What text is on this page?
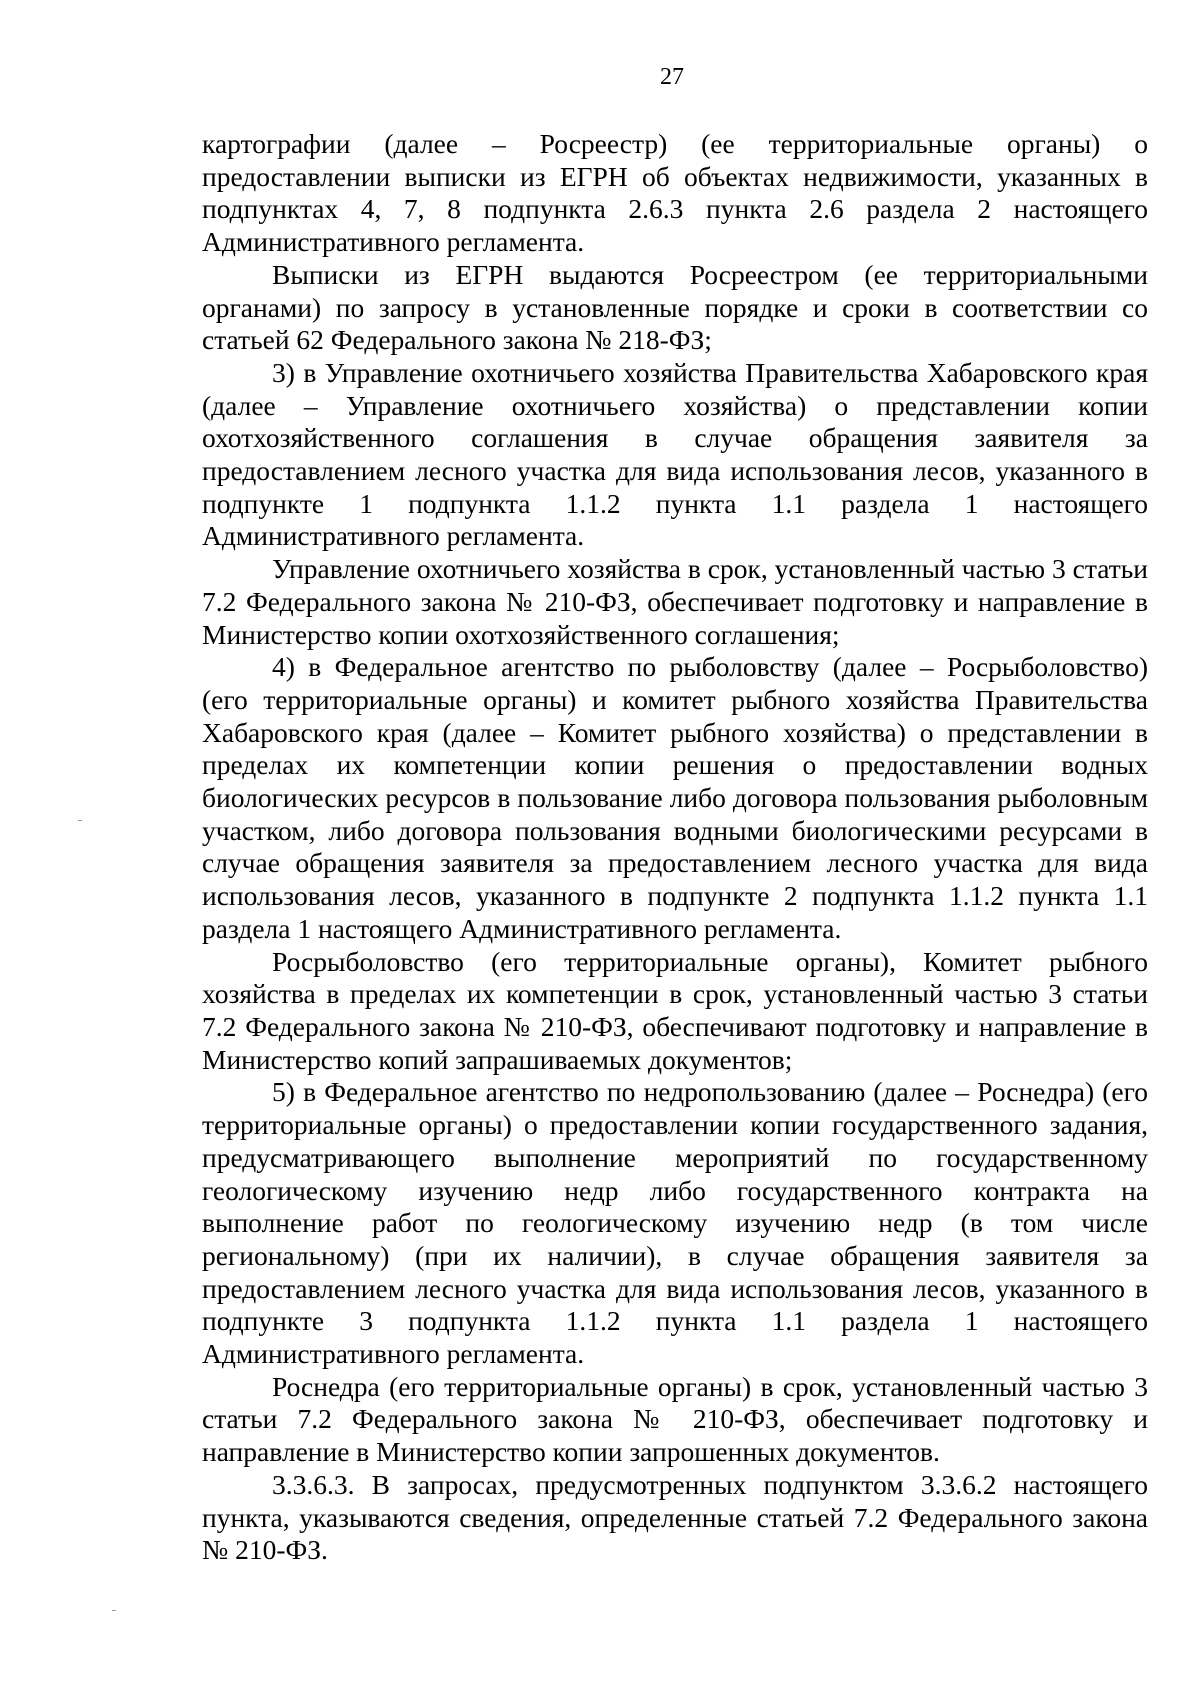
27

картографии (далее – Росреестр) (ее территориальные органы) о предоставлении выписки из ЕГРН об объектах недвижимости, указанных в подпунктах 4, 7, 8 подпункта 2.6.3 пункта 2.6 раздела 2 настоящего Административного регламента.

Выписки из ЕГРН выдаются Росреестром (ее территориальными органами) по запросу в установленные порядке и сроки в соответствии со статьей 62 Федерального закона № 218-ФЗ;

3) в Управление охотничьего хозяйства Правительства Хабаровского края (далее – Управление охотничьего хозяйства) о представлении копии охотхозяйственного соглашения в случае обращения заявителя за предоставлением лесного участка для вида использования лесов, указанного в подпункте 1 подпункта 1.1.2 пункта 1.1 раздела 1 настоящего Административного регламента.

Управление охотничьего хозяйства в срок, установленный частью 3 статьи 7.2 Федерального закона № 210-ФЗ, обеспечивает подготовку и направление в Министерство копии охотхозяйственного соглашения;

4) в Федеральное агентство по рыболовству (далее – Росрыболовство) (его территориальные органы) и комитет рыбного хозяйства Правительства Хабаровского края (далее – Комитет рыбного хозяйства) о представлении в пределах их компетенции копии решения о предоставлении водных биологических ресурсов в пользование либо договора пользования рыболовным участком, либо договора пользования водными биологическими ресурсами в случае обращения заявителя за предоставлением лесного участка для вида использования лесов, указанного в подпункте 2 подпункта 1.1.2 пункта 1.1 раздела 1 настоящего Административного регламента.

Росрыболовство (его территориальные органы), Комитет рыбного хозяйства в пределах их компетенции в срок, установленный частью 3 статьи 7.2 Федерального закона № 210-ФЗ, обеспечивают подготовку и направление в Министерство копий запрашиваемых документов;

5) в Федеральное агентство по недропользованию (далее – Роснедра) (его территориальные органы) о предоставлении копии государственного задания, предусматривающего выполнение мероприятий по государственному геологическому изучению недр либо государственного контракта на выполнение работ по геологическому изучению недр (в том числе региональному) (при их наличии), в случае обращения заявителя за предоставлением лесного участка для вида использования лесов, указанного в подпункте 3 подпункта 1.1.2 пункта 1.1 раздела 1 настоящего Административного регламента.

Роснедра (его территориальные органы) в срок, установленный частью 3 статьи 7.2 Федерального закона № 210-ФЗ, обеспечивает подготовку и направление в Министерство копии запрошенных документов.

3.3.6.3. В запросах, предусмотренных подпунктом 3.3.6.2 настоящего пункта, указываются сведения, определенные статьей 7.2 Федерального закона № 210-ФЗ.
